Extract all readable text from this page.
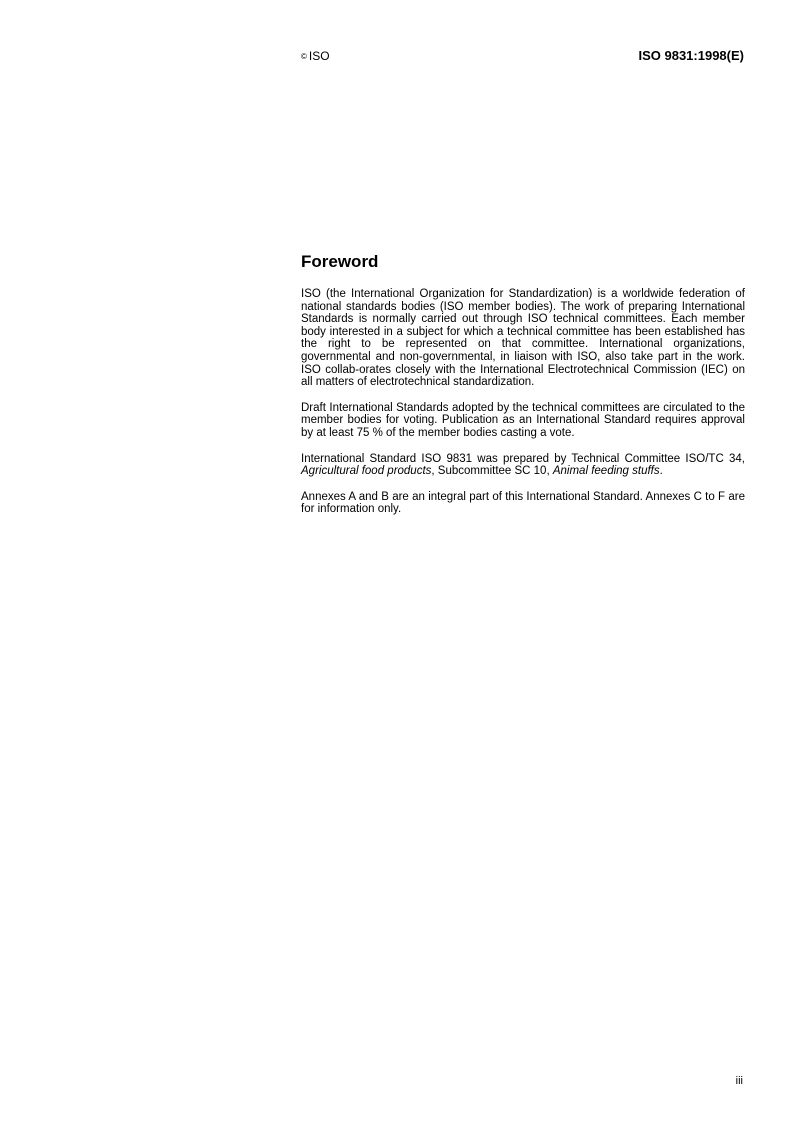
© ISO	ISO 9831:1998(E)
Foreword

ISO (the International Organization for Standardization) is a worldwide federation of national standards bodies (ISO member bodies). The work of preparing International Standards is normally carried out through ISO technical committees. Each member body interested in a subject for which a technical committee has been established has the right to be represented on that committee. International organizations, governmental and non-governmental, in liaison with ISO, also take part in the work. ISO collab-orates closely with the International Electrotechnical Commission (IEC) on all matters of electrotechnical standardization.

Draft International Standards adopted by the technical committees are circulated to the member bodies for voting. Publication as an International Standard requires approval by at least 75 % of the member bodies casting a vote.

International Standard ISO 9831 was prepared by Technical Committee ISO/TC 34, Agricultural food products, Subcommittee SC 10, Animal feeding stuffs.

Annexes A and B are an integral part of this International Standard. Annexes C to F are for information only.

iii
